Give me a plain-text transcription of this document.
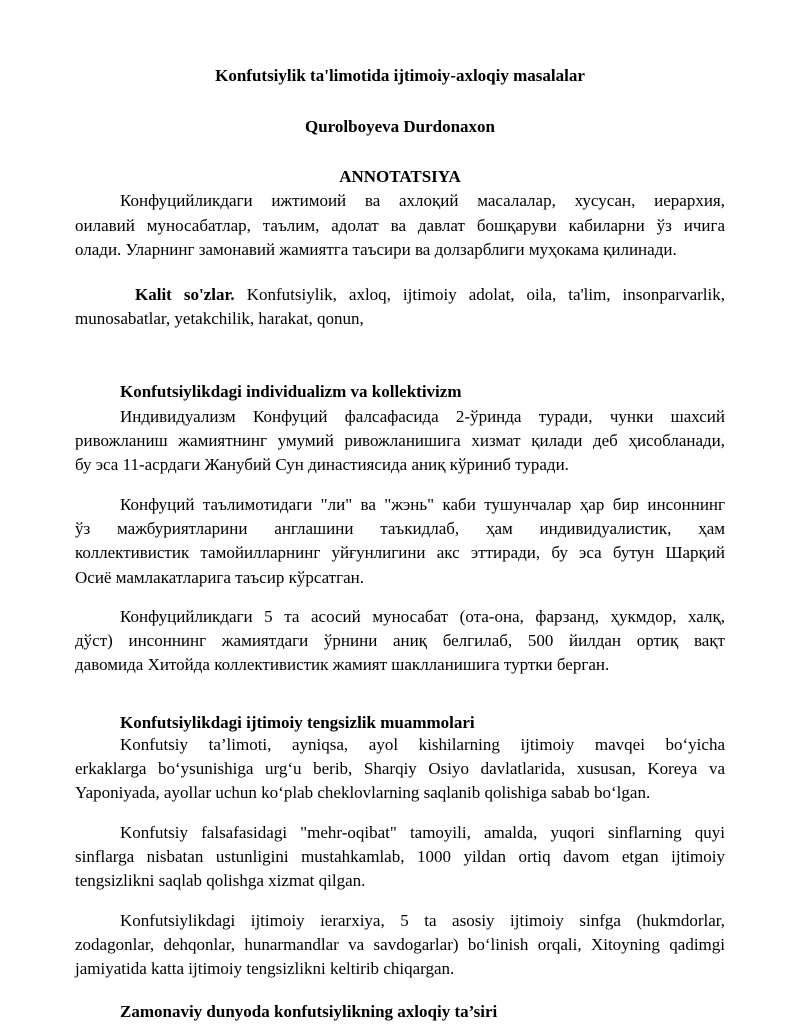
Konfutsiylik ta'limotida ijtimoiy-axloqiy masalalar
Qurolboyeva Durdonaxon
ANNOTATSIYA
Конфуцийликдаги ижтимоий ва ахлоқий масалалар, хусусан, иерархия,
оилавий муносабатлар, таълим, адолат ва давлат бошқаруви кабиларни ўз ичига
олади. Уларнинг замонавий жамиятга таъсири ва долзарблиги муҳокама қилинади.
Kalit so'zlar. Konfutsiylik, axloq, ijtimoiy adolat, oila, ta'lim, insonparvarlik,
munosabatlar, yetakchilik, harakat, qonun,
Konfutsiylikdagi individualizm va kollektivizm
Индивидуализм Конфуций фалсафасида 2-ўринда туради, чунки шахсий
ривожланиш жамиятнинг умумий ривожланишига хизмат қилади деб ҳисобланади,
бу эса 11-асрдаги Жанубий Сун династиясида аниқ кўриниб туради.
Конфуций таълимотидаги "ли" ва "жэнь" каби тушунчалар ҳар бир инсоннинг
ўз мажбуриятларини англашини таъкидлаб, ҳам индивидуалистик, ҳам
коллективистик тамойилларнинг уйғунлигини акс эттиради, бу эса бутун Шарқий
Осиё мамлакатларига таъсир кўрсатган.
Конфуцийликдаги 5 та асосий муносабат (ота-она, фарзанд, ҳукмдор, халқ,
дўст) инсоннинг жамиятдаги ўрнини аниқ белгилаб, 500 йилдан ортиқ вақт
давомида Хитойда коллективистик жамият шаклланишига туртки берган.
Konfutsiylikdagi ijtimoiy tengsizlik muammolari
Konfutsiy ta’limoti, ayniqsa, ayol kishilarning ijtimoiy mavqei bo‘yicha
erkaklarga bo‘ysunishiga urg‘u berib, Sharqiy Osiyo davlatlarida, xususan, Koreya va
Yaponiyada, ayollar uchun ko‘plab cheklovlarning saqlanib qolishiga sabab bo‘lgan.
Konfutsiy falsafasidagi "mehr-oqibat" tamoyili, amalda, yuqori sinflarning quyi
sinflarga nisbatan ustunligini mustahkamlab, 1000 yildan ortiq davom etgan ijtimoiy
tengsizlikni saqlab qolishga xizmat qilgan.
Konfutsiylikdagi ijtimoiy ierarxiya, 5 ta asosiy ijtimoiy sinfga (hukmdorlar,
zodagonlar, dehqonlar, hunarmandlar va savdogarlar) bo‘linish orqali, Xitoyning qadimgi
jamiyatida katta ijtimoiy tengsizlikni keltirib chiqargan.
Zamonaviy dunyoda konfutsiylikning axloqiy ta’siri
